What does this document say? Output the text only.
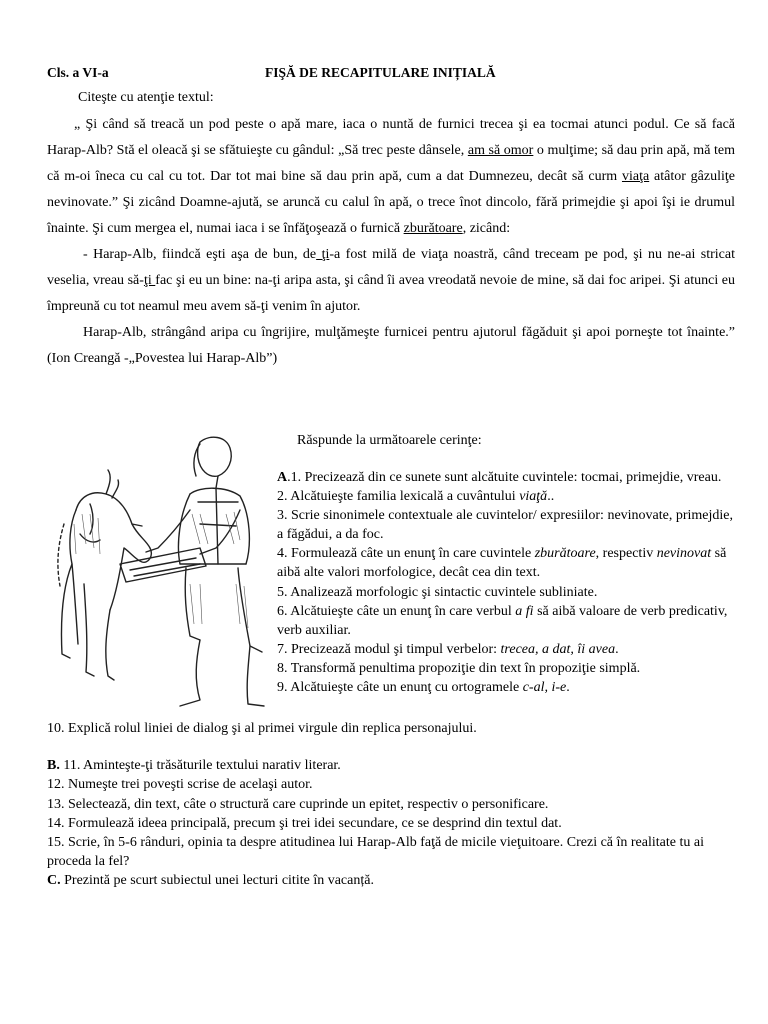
Cls. a VI-a	FIŞĂ DE RECAPITULARE INIȚIALĂ
Citeşte cu atenţie textul:

„ Şi când să treacă un pod peste o apă mare, iaca o nuntă de furnici trecea şi ea tocmai atunci podul. Ce să facă Harap-Alb? Stă el oleacă şi se sfătuieşte cu gândul: „Să trec peste dânsele, am să omor o mulţime; să dau prin apă, mă tem că m-oi îneca cu cal cu tot. Dar tot mai bine să dau prin apă, cum a dat Dumnezeu, decât să curm viaţa atâtor gâzuliţe nevinovate.” Şi zicând Doamne-ajută, se aruncă cu calul în apă, o trece înot dincolo, fără primejdie şi apoi îşi ie drumul înainte. Şi cum mergea el, numai iaca i se înfăţoşează o furnică zburătoare, zicând:

- Harap-Alb, fiindcă eşti aşa de bun, de ţi-a fost milă de viaţa noastră, când treceam pe pod, şi nu ne-ai stricat veselia, vreau să-ţi fac şi eu un bine: na-ţi aripa asta, şi când îi avea vreodată nevoie de mine, să dai foc aripei. Şi atunci eu împreună cu tot neamul meu avem să-ţi venim în ajutor.

Harap-Alb, strângând aripa cu îngrijire, mulţămeşte furnicei pentru ajutorul făgăduit şi apoi porneşte tot înainte.” (Ion Creangă -„Povestea lui Harap-Alb”)

Răspunde la următoarele cerinţe:
A.1. Precizează din ce sunete sunt alcătuite cuvintele: tocmai, primejdie, vreau.
2. Alcătuieşte familia lexicală a cuvântului viaţă..
3. Scrie sinonimele contextuale ale cuvintelor/ expresiilor: nevinovate, primejdie, a făgădui, a da foc.
4. Formulează câte un enunţ în care cuvintele zburătoare, respectiv nevinovat să aibă alte valori morfologice, decât cea din text.
5. Analizează morfologic şi sintactic cuvintele subliniate.
6. Alcătuieşte câte un enunţ în care verbul a fi să aibă valoare de verb predicativ, verb auxiliar.
7. Precizează modul şi timpul verbelor: trecea, a dat, îi avea.
8. Transformă penultima propoziţie din text în propoziţie simplă.
9. Alcătuieşte câte un enunţ cu ortogramele c-al, i-e.
10. Explică rolul liniei de dialog şi al primei virgule din replica personajului.
B. 11. Aminteşte-ţi trăsăturile textului narativ literar.
12. Numeşte trei poveşti scrise de acelaşi autor.
13. Selectează, din text, câte o structură care cuprinde un epitet, respectiv o personificare.
14. Formulează ideea principală, precum şi trei idei secundare, ce se desprind din textul dat.
15. Scrie, în 5-6 rânduri, opinia ta despre atitudinea lui Harap-Alb faţă de micile vieţuitoare. Crezi că în realitate tu ai proceda la fel?
C. Prezintă pe scurt subiectul unei lecturi citite în vacanță.
